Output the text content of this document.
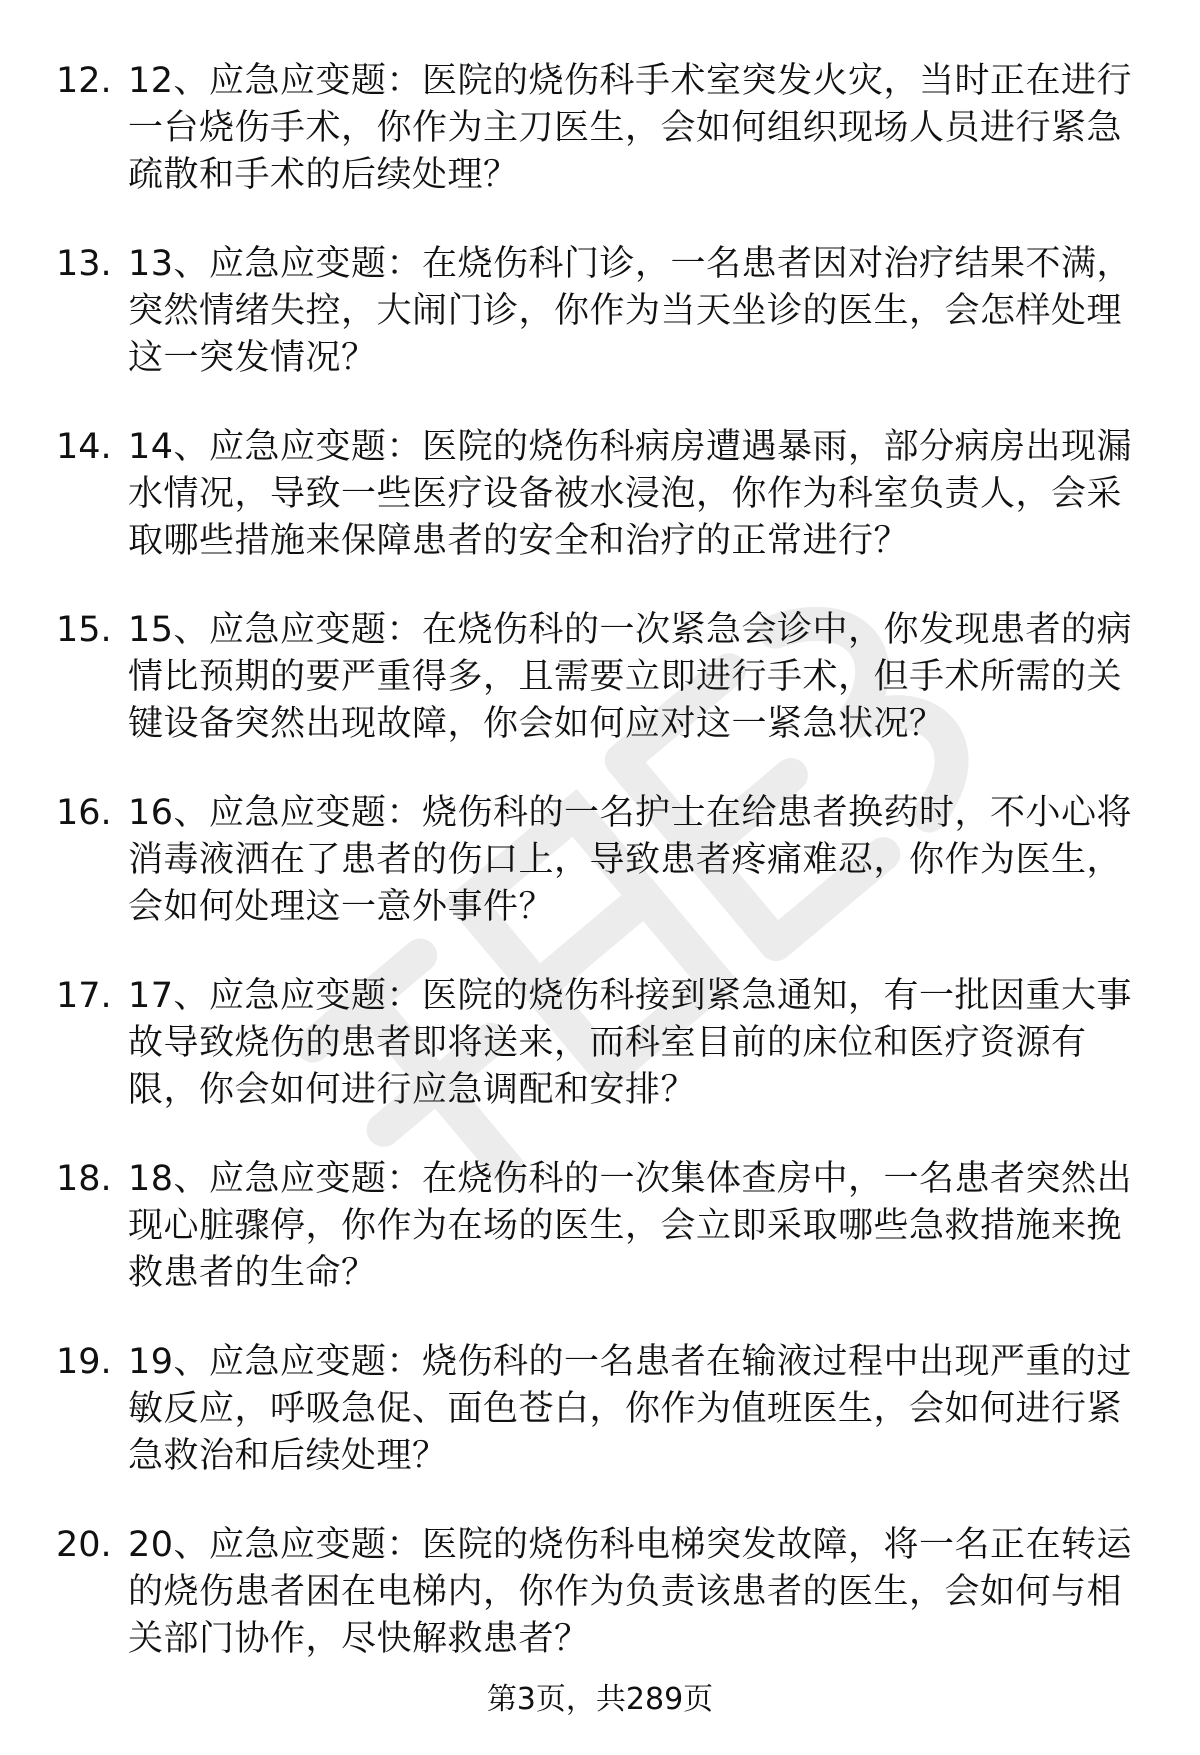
12. 12、应急应变题：医院的烧伤科手术室突发火灾，当时正在进行一台烧伤手术，你作为主刀医生，会如何组织现场人员进行紧急疏散和手术的后续处理？
13. 13、应急应变题：在烧伤科门诊，一名患者因对治疗结果不满，突然情绪失控，大闹门诊，你作为当天坐诊的医生，会怎样处理这一突发情况？
14. 14、应急应变题：医院的烧伤科病房遭遇暴雨，部分病房出现漏水情况，导致一些医疗设备被水浸泡，你作为科室负责人，会采取哪些措施来保障患者的安全和治疗的正常进行？
15. 15、应急应变题：在烧伤科的一次紧急会诊中，你发现患者的病情比预期的要严重得多，且需要立即进行手术，但手术所需的关键设备突然出现故障，你会如何应对这一紧急状况？
16. 16、应急应变题：烧伤科的一名护士在给患者换药时，不小心将消毒液洒在了患者的伤口上，导致患者疼痛难忍，你作为医生，会如何处理这一意外事件？
17. 17、应急应变题：医院的烧伤科接到紧急通知，有一批因重大事故导致烧伤的患者即将送来，而科室目前的床位和医疗资源有限，你会如何进行应急调配和安排？
18. 18、应急应变题：在烧伤科的一次集体查房中，一名患者突然出现心脏骤停，你作为在场的医生，会立即采取哪些急救措施来挽救患者的生命？
19. 19、应急应变题：烧伤科的一名患者在输液过程中出现严重的过敏反应，呼吸急促、面色苍白，你作为值班医生，会如何进行紧急救治和后续处理？
20. 20、应急应变题：医院的烧伤科电梯突发故障，将一名正在转运的烧伤患者困在电梯内，你作为负责该患者的医生，会如何与相关部门协作，尽快解救患者？
第3页，共289页
